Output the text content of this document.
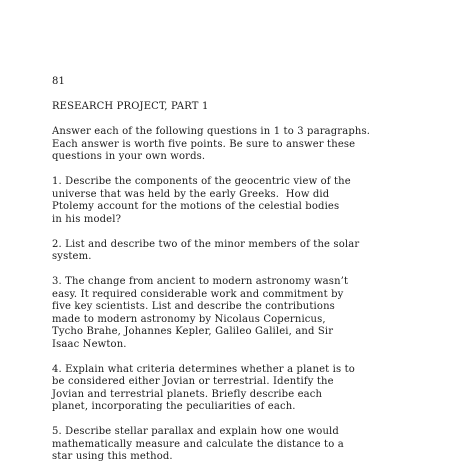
81
RESEARCH PROJECT, PART 1
Answer each of the following questions in 1 to 3 paragraphs.
Each answer is worth five points. Be sure to answer these
questions in your own words.
1. Describe the components of the geocentric view of the
universe that was held by the early Greeks.  How did
Ptolemy account for the motions of the celestial bodies
in his model?
2. List and describe two of the minor members of the solar
system.
3. The change from ancient to modern astronomy wasn’t
easy. It required considerable work and commitment by
five key scientists. List and describe the contributions
made to modern astronomy by Nicolaus Copernicus,
Tycho Brahe, Johannes Kepler, Galileo Galilei, and Sir
Isaac Newton.
4. Explain what criteria determines whether a planet is to
be considered either Jovian or terrestrial. Identify the
Jovian and terrestrial planets. Briefly describe each
planet, incorporating the peculiarities of each.
5. Describe stellar parallax and explain how one would
mathematically measure and calculate the distance to a
star using this method.
